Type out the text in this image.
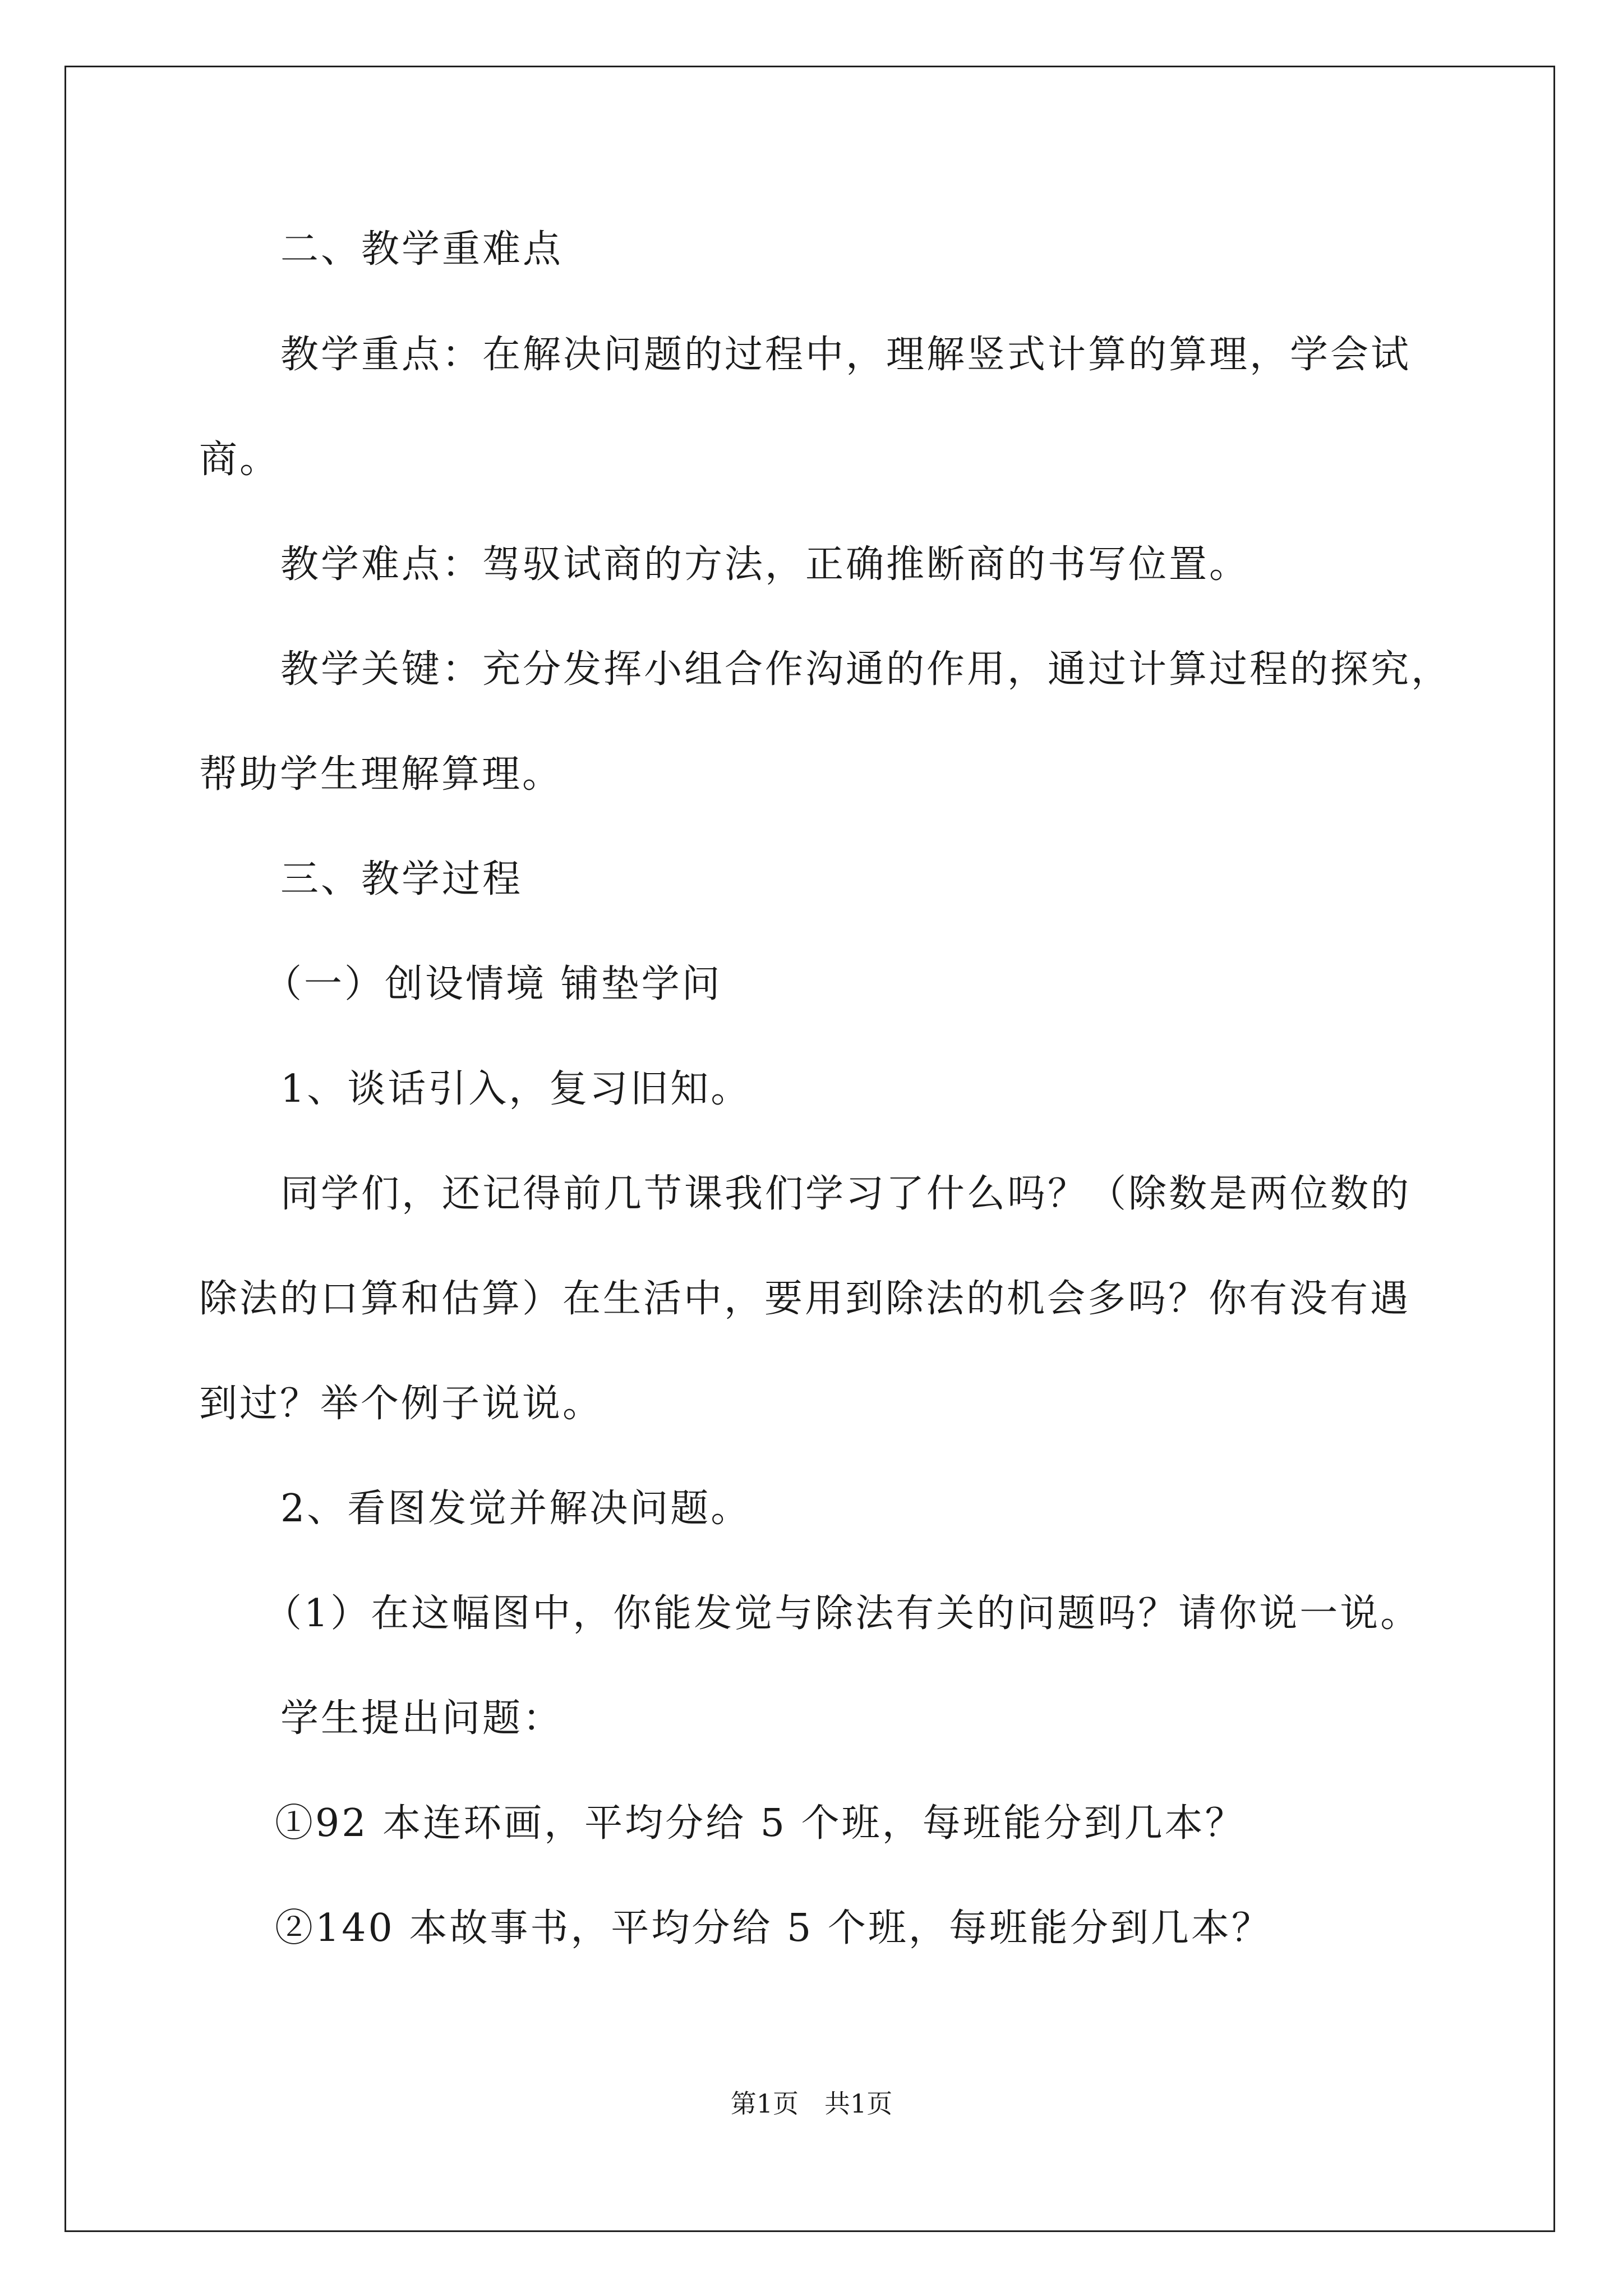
二、教学重难点
教学重点：在解决问题的过程中，理解竖式计算的算理，学会试
商。
教学难点：驾驭试商的方法，正确推断商的书写位置。
教学关键：充分发挥小组合作沟通的作用，通过计算过程的探究，
帮助学生理解算理。
三、教学过程
（一）创设情境 铺垫学问
1、谈话引入，复习旧知。
同学们，还记得前几节课我们学习了什么吗？（除数是两位数的
除法的口算和估算）在生活中，要用到除法的机会多吗？你有没有遇
到过？举个例子说说。
2、看图发觉并解决问题。
（1）在这幅图中，你能发觉与除法有关的问题吗？请你说一说。
学生提出问题：
①92 本连环画，平均分给 5 个班，每班能分到几本？
②140 本故事书，平均分给 5 个班，每班能分到几本？
第1页　共1页
